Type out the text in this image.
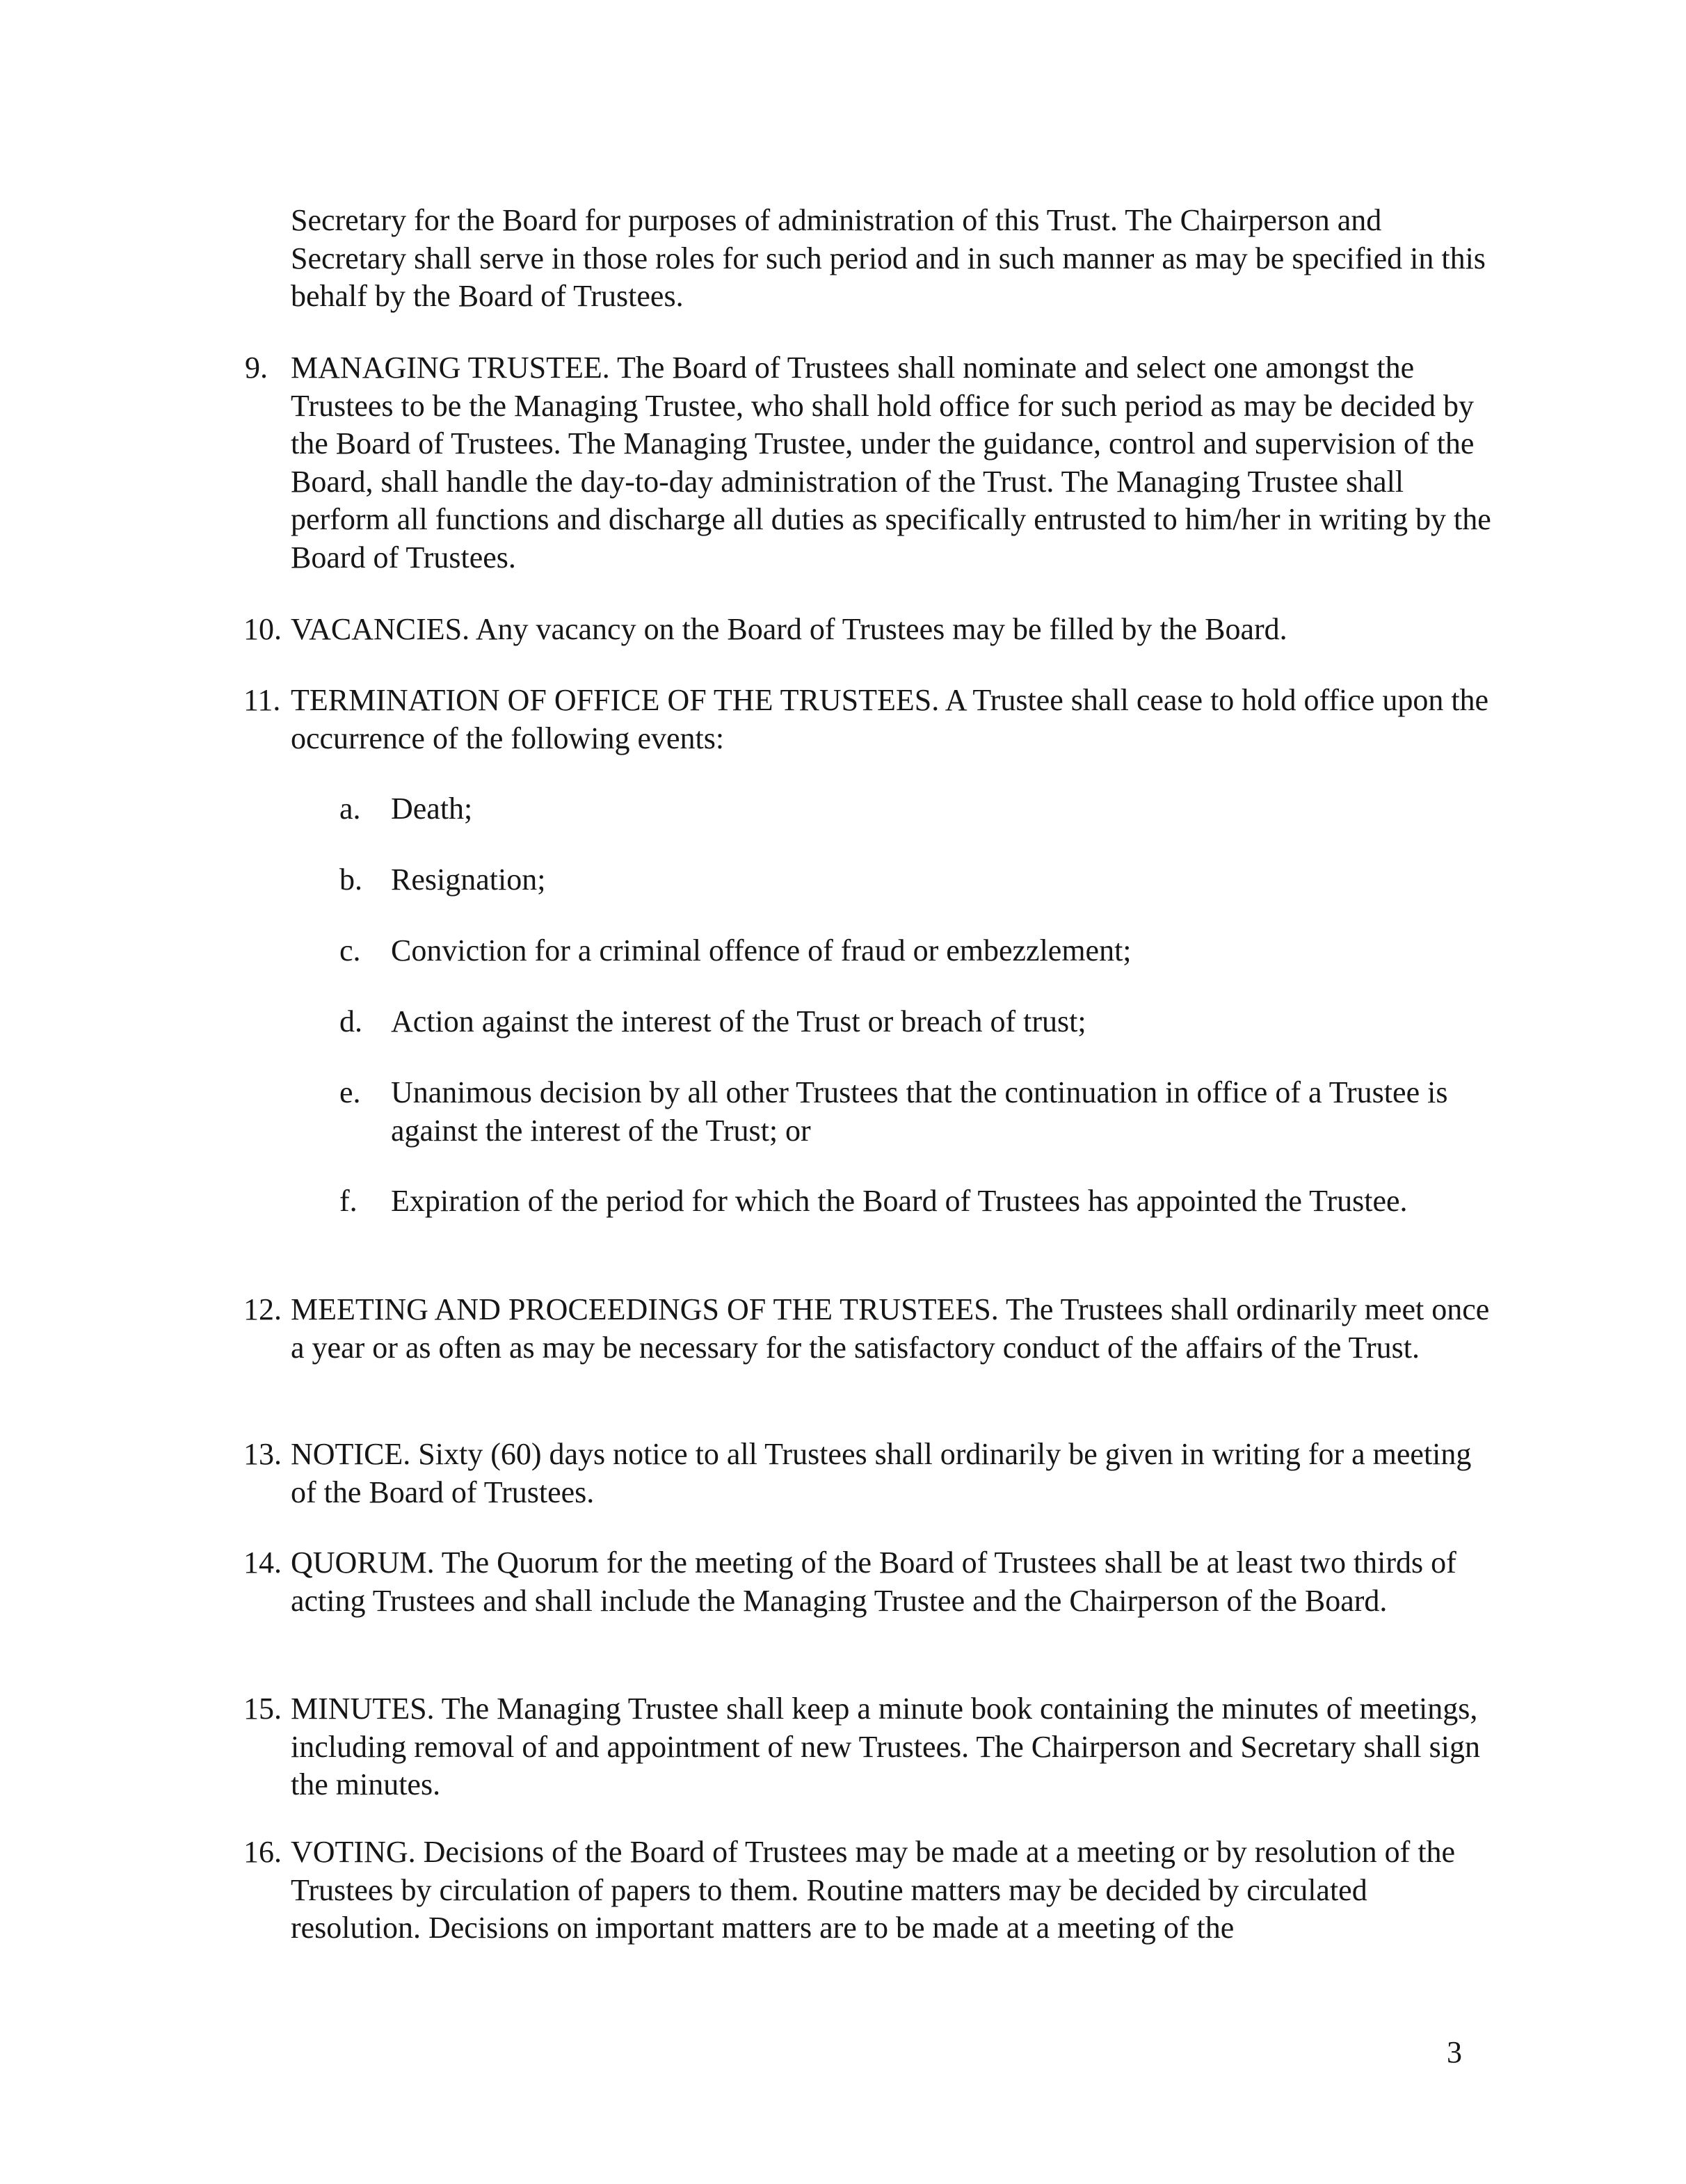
Secretary for the Board for purposes of administration of this Trust. The Chairperson and Secretary shall serve in those roles for such period and in such manner as may be specified in this behalf by the Board of Trustees.

9. MANAGING TRUSTEE. The Board of Trustees shall nominate and select one amongst the Trustees to be the Managing Trustee, who shall hold office for such period as may be decided by the Board of Trustees. The Managing Trustee, under the guidance, control and supervision of the Board, shall handle the day-to-day administration of the Trust. The Managing Trustee shall perform all functions and discharge all duties as specifically entrusted to him/her in writing by the Board of Trustees.

10. VACANCIES. Any vacancy on the Board of Trustees may be filled by the Board.

11. TERMINATION OF OFFICE OF THE TRUSTEES. A Trustee shall cease to hold office upon the occurrence of the following events:

a. Death;

b. Resignation;

c. Conviction for a criminal offence of fraud or embezzlement;

d. Action against the interest of the Trust or breach of trust;

e. Unanimous decision by all other Trustees that the continuation in office of a Trustee is against the interest of the Trust; or

f. Expiration of the period for which the Board of Trustees has appointed the Trustee.

12. MEETING AND PROCEEDINGS OF THE TRUSTEES. The Trustees shall ordinarily meet once a year or as often as may be necessary for the satisfactory conduct of the affairs of the Trust.

13. NOTICE. Sixty (60) days notice to all Trustees shall ordinarily be given in writing for a meeting of the Board of Trustees.

14. QUORUM. The Quorum for the meeting of the Board of Trustees shall be at least two thirds of acting Trustees and shall include the Managing Trustee and the Chairperson of the Board.

15. MINUTES. The Managing Trustee shall keep a minute book containing the minutes of meetings, including removal of and appointment of new Trustees. The Chairperson and Secretary shall sign the minutes.

16. VOTING. Decisions of the Board of Trustees may be made at a meeting or by resolution of the Trustees by circulation of papers to them. Routine matters may be decided by circulated resolution. Decisions on important matters are to be made at a meeting of the

3
